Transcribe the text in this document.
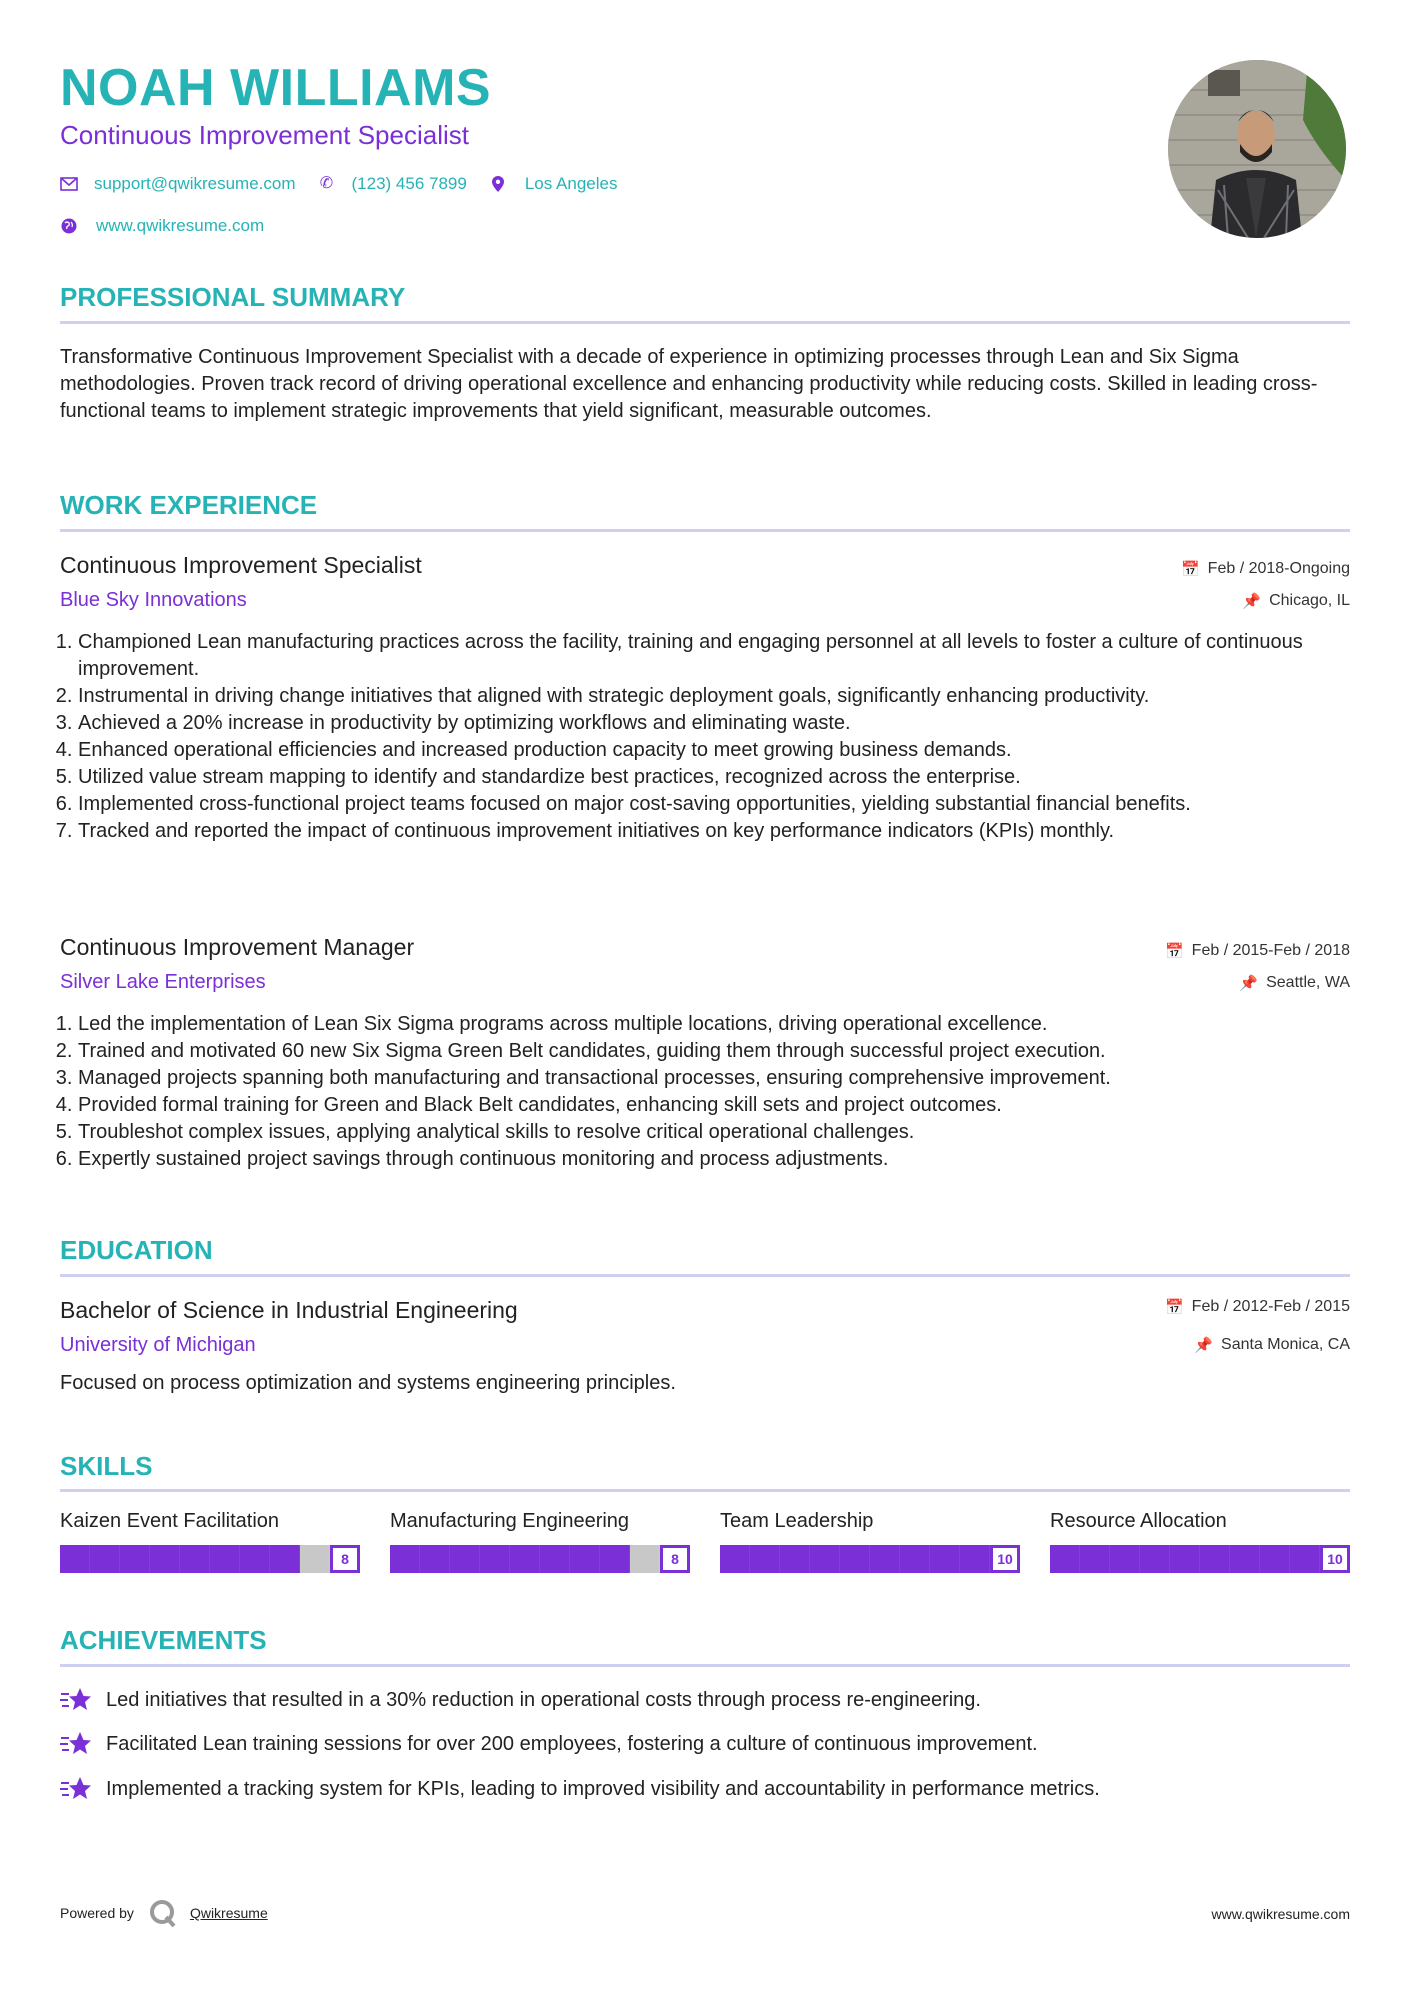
NOAH WILLIAMS
Continuous Improvement Specialist
support@qwikresume.com ✆ (123) 456 7899	Los Angeles
www.qwikresume.com
PROFESSIONAL SUMMARY
Transformative Continuous Improvement Specialist with a decade of experience in optimizing processes through Lean and Six Sigma methodologies. Proven track record of driving operational excellence and enhancing productivity while reducing costs. Skilled in leading cross-functional teams to implement strategic improvements that yield significant, measurable outcomes.
WORK EXPERIENCE
Continuous Improvement Specialist	📅 Feb / 2018-Ongoing
Blue Sky Innovations	📌 Chicago, IL
1. Championed Lean manufacturing practices across the facility, training and engaging personnel at all levels to foster a culture of continuous improvement.
2. Instrumental in driving change initiatives that aligned with strategic deployment goals, significantly enhancing productivity.
3. Achieved a 20% increase in productivity by optimizing workflows and eliminating waste.
4. Enhanced operational efficiencies and increased production capacity to meet growing business demands.
5. Utilized value stream mapping to identify and standardize best practices, recognized across the enterprise.
6. Implemented cross-functional project teams focused on major cost-saving opportunities, yielding substantial financial benefits.
7. Tracked and reported the impact of continuous improvement initiatives on key performance indicators (KPIs) monthly.
Continuous Improvement Manager	📅 Feb / 2015-Feb / 2018
Silver Lake Enterprises	📌 Seattle, WA
1. Led the implementation of Lean Six Sigma programs across multiple locations, driving operational excellence.
2. Trained and motivated 60 new Six Sigma Green Belt candidates, guiding them through successful project execution.
3. Managed projects spanning both manufacturing and transactional processes, ensuring comprehensive improvement.
4. Provided formal training for Green and Black Belt candidates, enhancing skill sets and project outcomes.
5. Troubleshot complex issues, applying analytical skills to resolve critical operational challenges.
6. Expertly sustained project savings through continuous monitoring and process adjustments.
EDUCATION
Bachelor of Science in Industrial Engineering	📅 Feb / 2012-Feb / 2015
University of Michigan	📌 Santa Monica, CA
Focused on process optimization and systems engineering principles.
SKILLS
Kaizen Event Facilitation
8
Manufacturing Engineering
8
Team Leadership
10
Resource Allocation
10
ACHIEVEMENTS
Led initiatives that resulted in a 30% reduction in operational costs through process re-engineering.
Facilitated Lean training sessions for over 200 employees, fostering a culture of continuous improvement.
Implemented a tracking system for KPIs, leading to improved visibility and accountability in performance metrics.
Powered by	Qwikresume	www.qwikresume.com
